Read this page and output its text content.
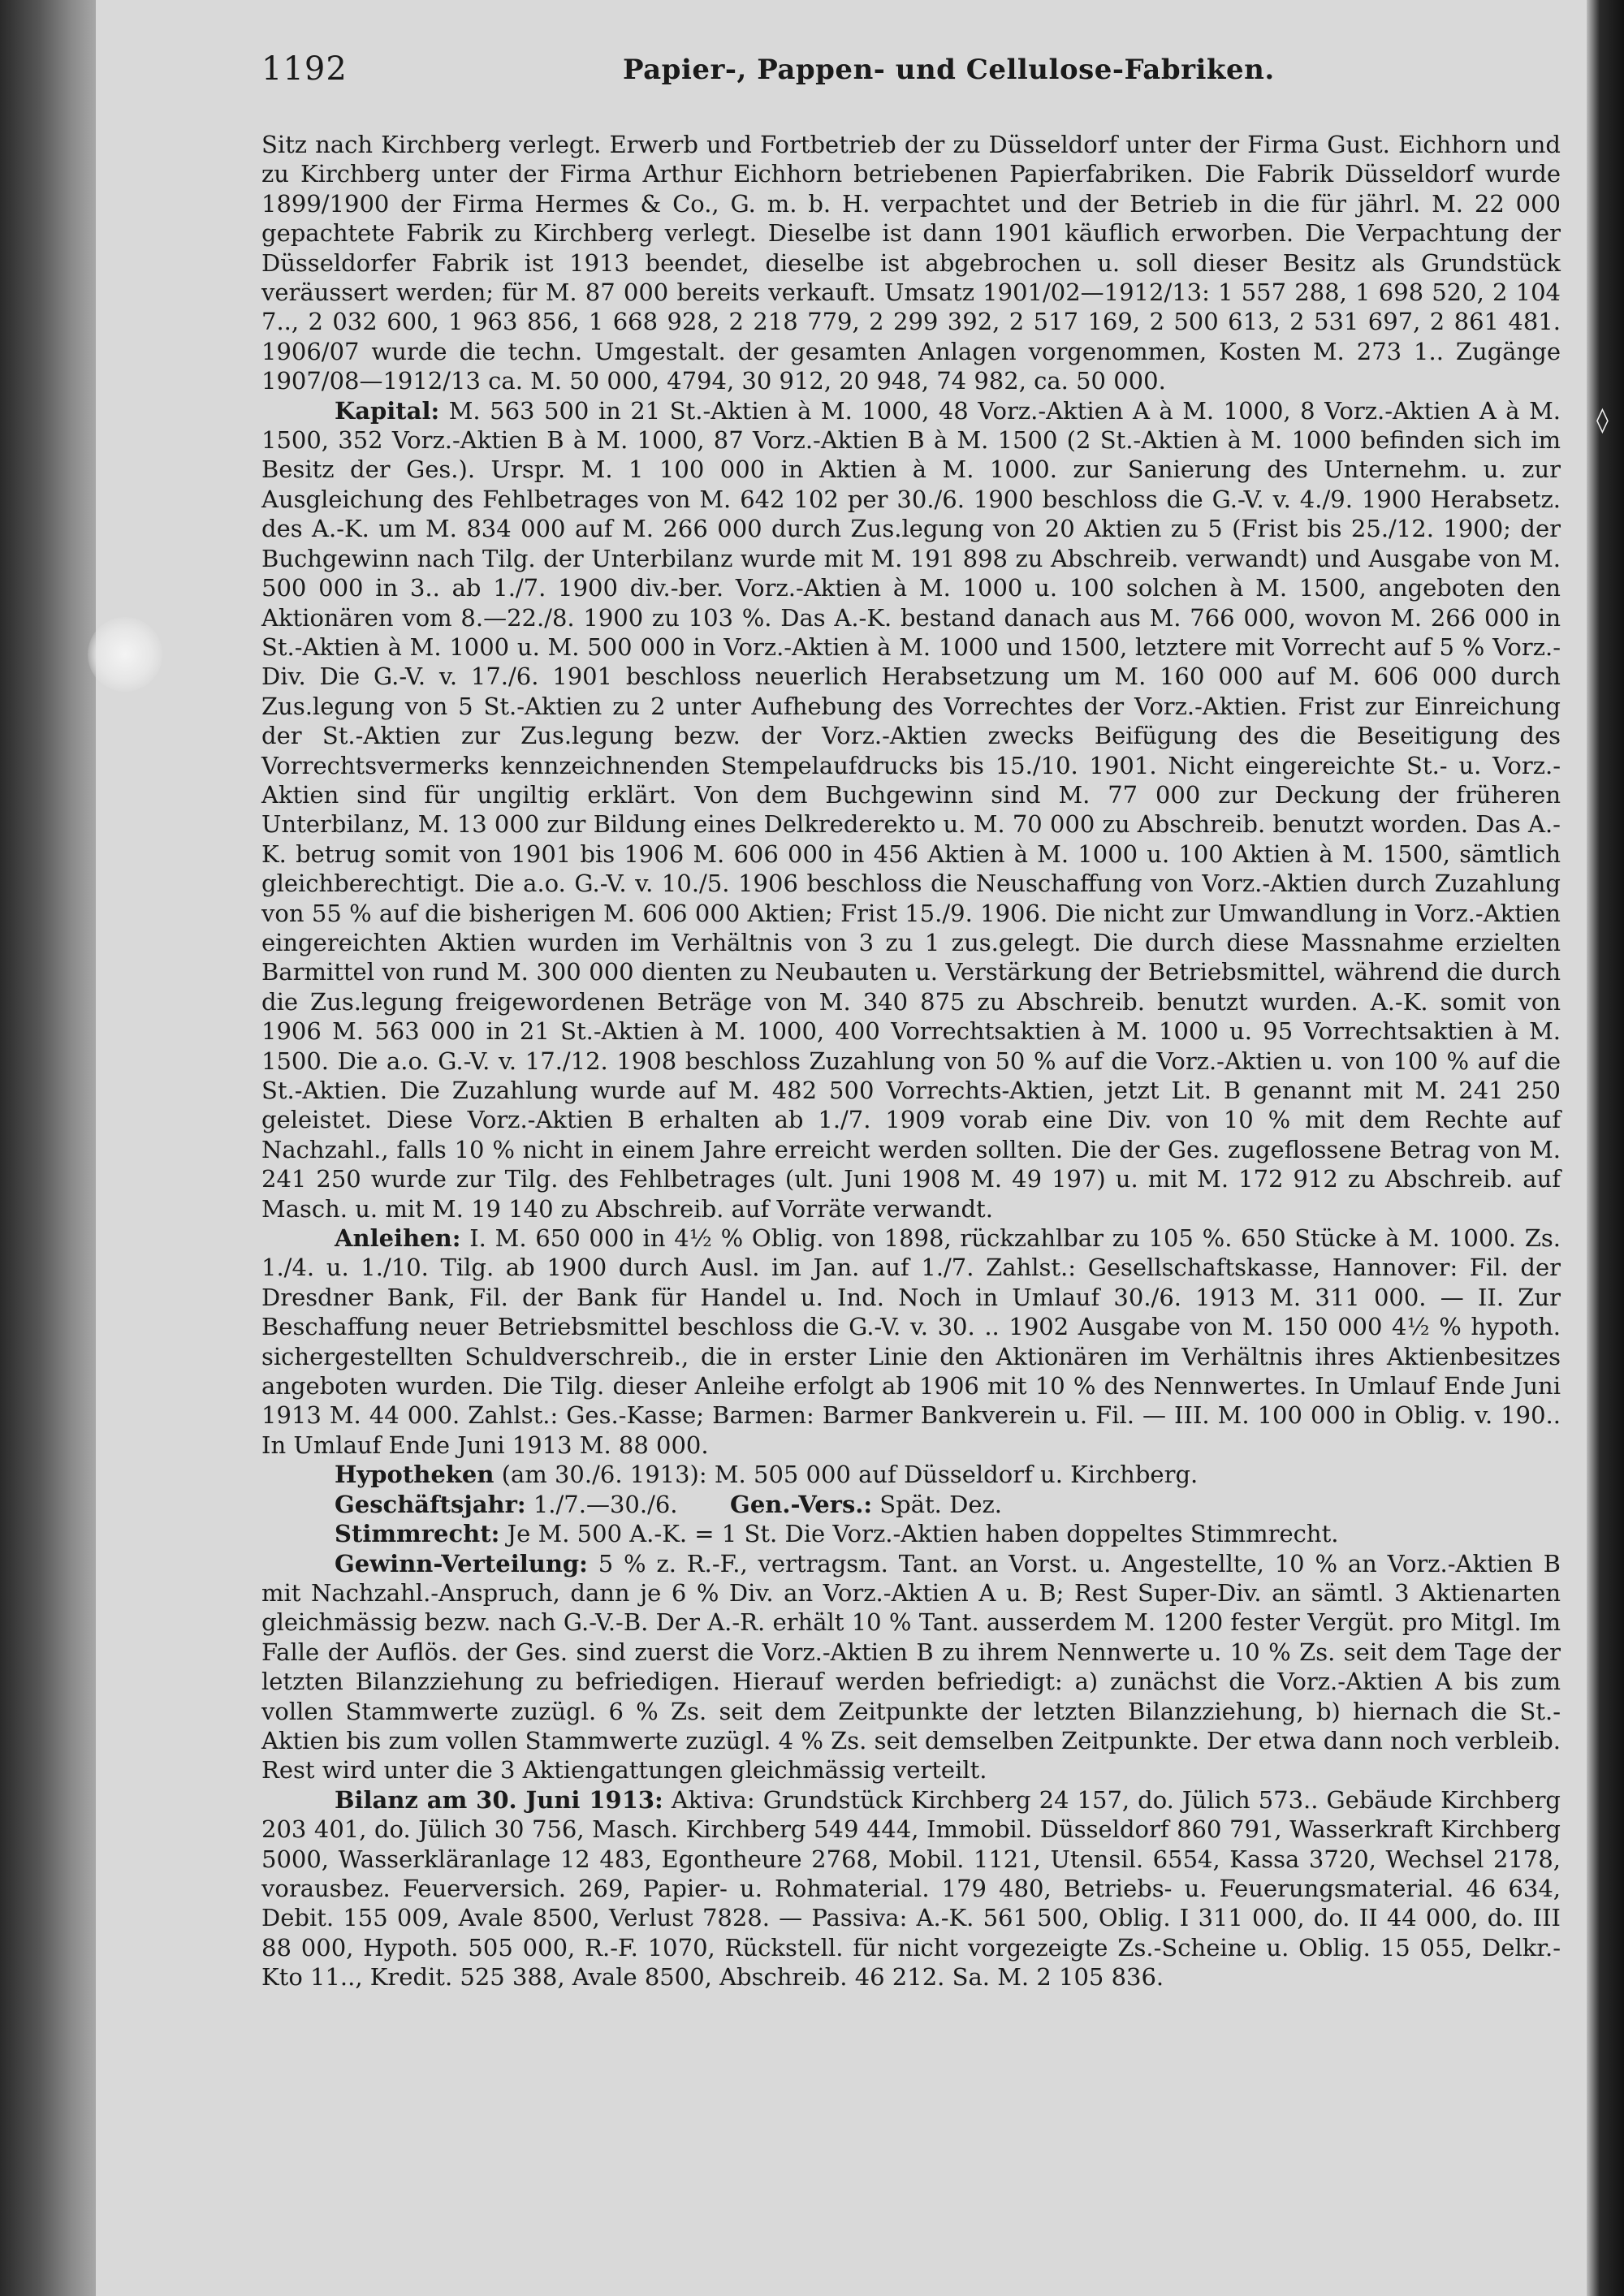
◊
1192	Papier-, Pappen- und Cellulose-Fabriken.

Sitz nach Kirchberg verlegt. Erwerb und Fortbetrieb der zu Düsseldorf unter der Firma Gust. Eichhorn und zu Kirchberg unter der Firma Arthur Eichhorn betriebenen Papierfabriken. Die Fabrik Düsseldorf wurde 1899/1900 der Firma Hermes & Co., G. m. b. H. verpachtet und der Betrieb in die für jährl. M. 22 000 gepachtete Fabrik zu Kirchberg verlegt. Dieselbe ist dann 1901 käuflich erworben. Die Verpachtung der Düsseldorfer Fabrik ist 1913 beendet, dieselbe ist abgebrochen u. soll dieser Besitz als Grundstück veräussert werden; für M. 87 000 bereits verkauft. Umsatz 1901/02—1912/13: 1 557 288, 1 698 520, 2 104 7.., 2 032 600, 1 963 856, 1 668 928, 2 218 779, 2 299 392, 2 517 169, 2 500 613, 2 531 697, 2 861 481. 1906/07 wurde die techn. Umgestalt. der gesamten Anlagen vorgenommen, Kosten M. 273 1.. Zugänge 1907/08—1912/13 ca. M. 50 000, 4794, 30 912, 20 948, 74 982, ca. 50 000.

Kapital: M. 563 500 in 21 St.-Aktien à M. 1000, 48 Vorz.-Aktien A à M. 1000, 8 Vorz.-Aktien A à M. 1500, 352 Vorz.-Aktien B à M. 1000, 87 Vorz.-Aktien B à M. 1500 (2 St.-Aktien à M. 1000 befinden sich im Besitz der Ges.). Urspr. M. 1 100 000 in Aktien à M. 1000. zur Sanierung des Unternehm. u. zur Ausgleichung des Fehlbetrages von M. 642 102 per 30./6. 1900 beschloss die G.-V. v. 4./9. 1900 Herabsetz. des A.-K. um M. 834 000 auf M. 266 000 durch Zus.legung von 20 Aktien zu 5 (Frist bis 25./12. 1900; der Buchgewinn nach Tilg. der Unterbilanz wurde mit M. 191 898 zu Abschreib. verwandt) und Ausgabe von M. 500 000 in 3.. ab 1./7. 1900 div.-ber. Vorz.-Aktien à M. 1000 u. 100 solchen à M. 1500, angeboten den Aktionären vom 8.—22./8. 1900 zu 103 %. Das A.-K. bestand danach aus M. 766 000, wovon M. 266 000 in St.-Aktien à M. 1000 u. M. 500 000 in Vorz.-Aktien à M. 1000 und 1500, letztere mit Vorrecht auf 5 % Vorz.-Div. Die G.-V. v. 17./6. 1901 beschloss neuerlich Herabsetzung um M. 160 000 auf M. 606 000 durch Zus.legung von 5 St.-Aktien zu 2 unter Aufhebung des Vorrechtes der Vorz.-Aktien. Frist zur Einreichung der St.-Aktien zur Zus.legung bezw. der Vorz.-Aktien zwecks Beifügung des die Beseitigung des Vorrechtsvermerks kennzeichnenden Stempelaufdrucks bis 15./10. 1901. Nicht eingereichte St.- u. Vorz.-Aktien sind für ungiltig erklärt. Von dem Buchgewinn sind M. 77 000 zur Deckung der früheren Unterbilanz, M. 13 000 zur Bildung eines Delkrederekto u. M. 70 000 zu Abschreib. benutzt worden. Das A.-K. betrug somit von 1901 bis 1906 M. 606 000 in 456 Aktien à M. 1000 u. 100 Aktien à M. 1500, sämtlich gleichberechtigt. Die a.o. G.-V. v. 10./5. 1906 beschloss die Neuschaffung von Vorz.-Aktien durch Zuzahlung von 55 % auf die bisherigen M. 606 000 Aktien; Frist 15./9. 1906. Die nicht zur Umwandlung in Vorz.-Aktien eingereichten Aktien wurden im Verhältnis von 3 zu 1 zus.gelegt. Die durch diese Massnahme erzielten Barmittel von rund M. 300 000 dienten zu Neubauten u. Verstärkung der Betriebsmittel, während die durch die Zus.legung freigewordenen Beträge von M. 340 875 zu Abschreib. benutzt wurden. A.-K. somit von 1906 M. 563 000 in 21 St.-Aktien à M. 1000, 400 Vorrechtsaktien à M. 1000 u. 95 Vorrechtsaktien à M. 1500. Die a.o. G.-V. v. 17./12. 1908 beschloss Zuzahlung von 50 % auf die Vorz.-Aktien u. von 100 % auf die St.-Aktien. Die Zuzahlung wurde auf M. 482 500 Vorrechts-Aktien, jetzt Lit. B genannt mit M. 241 250 geleistet. Diese Vorz.-Aktien B erhalten ab 1./7. 1909 vorab eine Div. von 10 % mit dem Rechte auf Nachzahl., falls 10 % nicht in einem Jahre erreicht werden sollten. Die der Ges. zugeflossene Betrag von M. 241 250 wurde zur Tilg. des Fehlbetrages (ult. Juni 1908 M. 49 197) u. mit M. 172 912 zu Abschreib. auf Masch. u. mit M. 19 140 zu Abschreib. auf Vorräte verwandt.

Anleihen: I. M. 650 000 in 4½ % Oblig. von 1898, rückzahlbar zu 105 %. 650 Stücke à M. 1000. Zs. 1./4. u. 1./10. Tilg. ab 1900 durch Ausl. im Jan. auf 1./7. Zahlst.: Gesellschaftskasse, Hannover: Fil. der Dresdner Bank, Fil. der Bank für Handel u. Ind. Noch in Umlauf 30./6. 1913 M. 311 000. — II. Zur Beschaffung neuer Betriebsmittel beschloss die G.-V. v. 30. .. 1902 Ausgabe von M. 150 000 4½ % hypoth. sichergestellten Schuldverschreib., die in erster Linie den Aktionären im Verhältnis ihres Aktienbesitzes angeboten wurden. Die Tilg. dieser Anleihe erfolgt ab 1906 mit 10 % des Nennwertes. In Umlauf Ende Juni 1913 M. 44 000. Zahlst.: Ges.-Kasse; Barmen: Barmer Bankverein u. Fil. — III. M. 100 000 in Oblig. v. 190.. In Umlauf Ende Juni 1913 M. 88 000.

Hypotheken (am 30./6. 1913): M. 505 000 auf Düsseldorf u. Kirchberg.

Geschäftsjahr: 1./7.—30./6. Gen.-Vers.: Spät. Dez.

Stimmrecht: Je M. 500 A.-K. = 1 St. Die Vorz.-Aktien haben doppeltes Stimmrecht.

Gewinn-Verteilung: 5 % z. R.-F., vertragsm. Tant. an Vorst. u. Angestellte, 10 % an Vorz.-Aktien B mit Nachzahl.-Anspruch, dann je 6 % Div. an Vorz.-Aktien A u. B; Rest Super-Div. an sämtl. 3 Aktienarten gleichmässig bezw. nach G.-V.-B. Der A.-R. erhält 10 % Tant. ausserdem M. 1200 fester Vergüt. pro Mitgl. Im Falle der Auflös. der Ges. sind zuerst die Vorz.-Aktien B zu ihrem Nennwerte u. 10 % Zs. seit dem Tage der letzten Bilanzziehung zu befriedigen. Hierauf werden befriedigt: a) zunächst die Vorz.-Aktien A bis zum vollen Stammwerte zuzügl. 6 % Zs. seit dem Zeitpunkte der letzten Bilanzziehung, b) hiernach die St.-Aktien bis zum vollen Stammwerte zuzügl. 4 % Zs. seit demselben Zeitpunkte. Der etwa dann noch verbleib. Rest wird unter die 3 Aktiengattungen gleichmässig verteilt.

Bilanz am 30. Juni 1913: Aktiva: Grundstück Kirchberg 24 157, do. Jülich 573.. Gebäude Kirchberg 203 401, do. Jülich 30 756, Masch. Kirchberg 549 444, Immobil. Düsseldorf 860 791, Wasserkraft Kirchberg 5000, Wasserkläranlage 12 483, Egontheure 2768, Mobil. 1121, Utensil. 6554, Kassa 3720, Wechsel 2178, vorausbez. Feuerversich. 269, Papier- u. Rohmaterial. 179 480, Betriebs- u. Feuerungsmaterial. 46 634, Debit. 155 009, Avale 8500, Verlust 7828. — Passiva: A.-K. 561 500, Oblig. I 311 000, do. II 44 000, do. III 88 000, Hypoth. 505 000, R.-F. 1070, Rückstell. für nicht vorgezeigte Zs.-Scheine u. Oblig. 15 055, Delkr.-Kto 11.., Kredit. 525 388, Avale 8500, Abschreib. 46 212. Sa. M. 2 105 836.
